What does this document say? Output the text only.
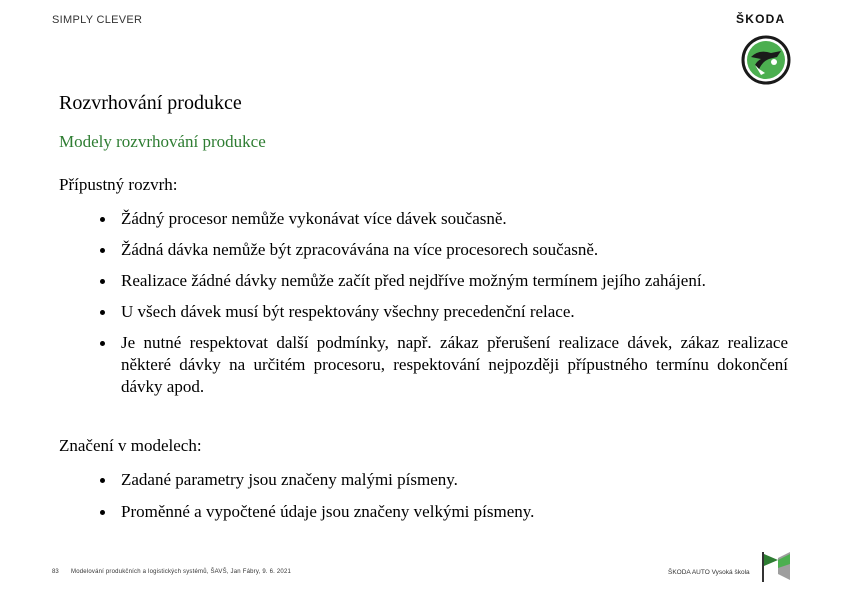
SIMPLY CLEVER	ŠKODA
Rozvrhování produkce
Modely rozvrhování produkce
Přípustný rozvrh:
Žádný procesor nemůže vykonávat více dávek současně.
Žádná dávka nemůže být zpracovávána na více procesorech současně.
Realizace žádné dávky nemůže začít před nejdříve možným termínem jejího zahájení.
U všech dávek musí být respektovány všechny precedenční relace.
Je nutné respektovat další podmínky, např. zákaz přerušení realizace dávek, zákaz realizace některé dávky na určitém procesoru, respektování nejpozději přípustného termínu dokončení dávky apod.
Značení v modelech:
Zadané parametry jsou značeny malými písmeny.
Proměnné a vypočtené údaje jsou značeny velkými písmeny.
83 Modelování produkčních a logistických systémů, ŠAVŠ, Jan Fábry, 9. 6. 2021	ŠKODA AUTO Vysoká škola
